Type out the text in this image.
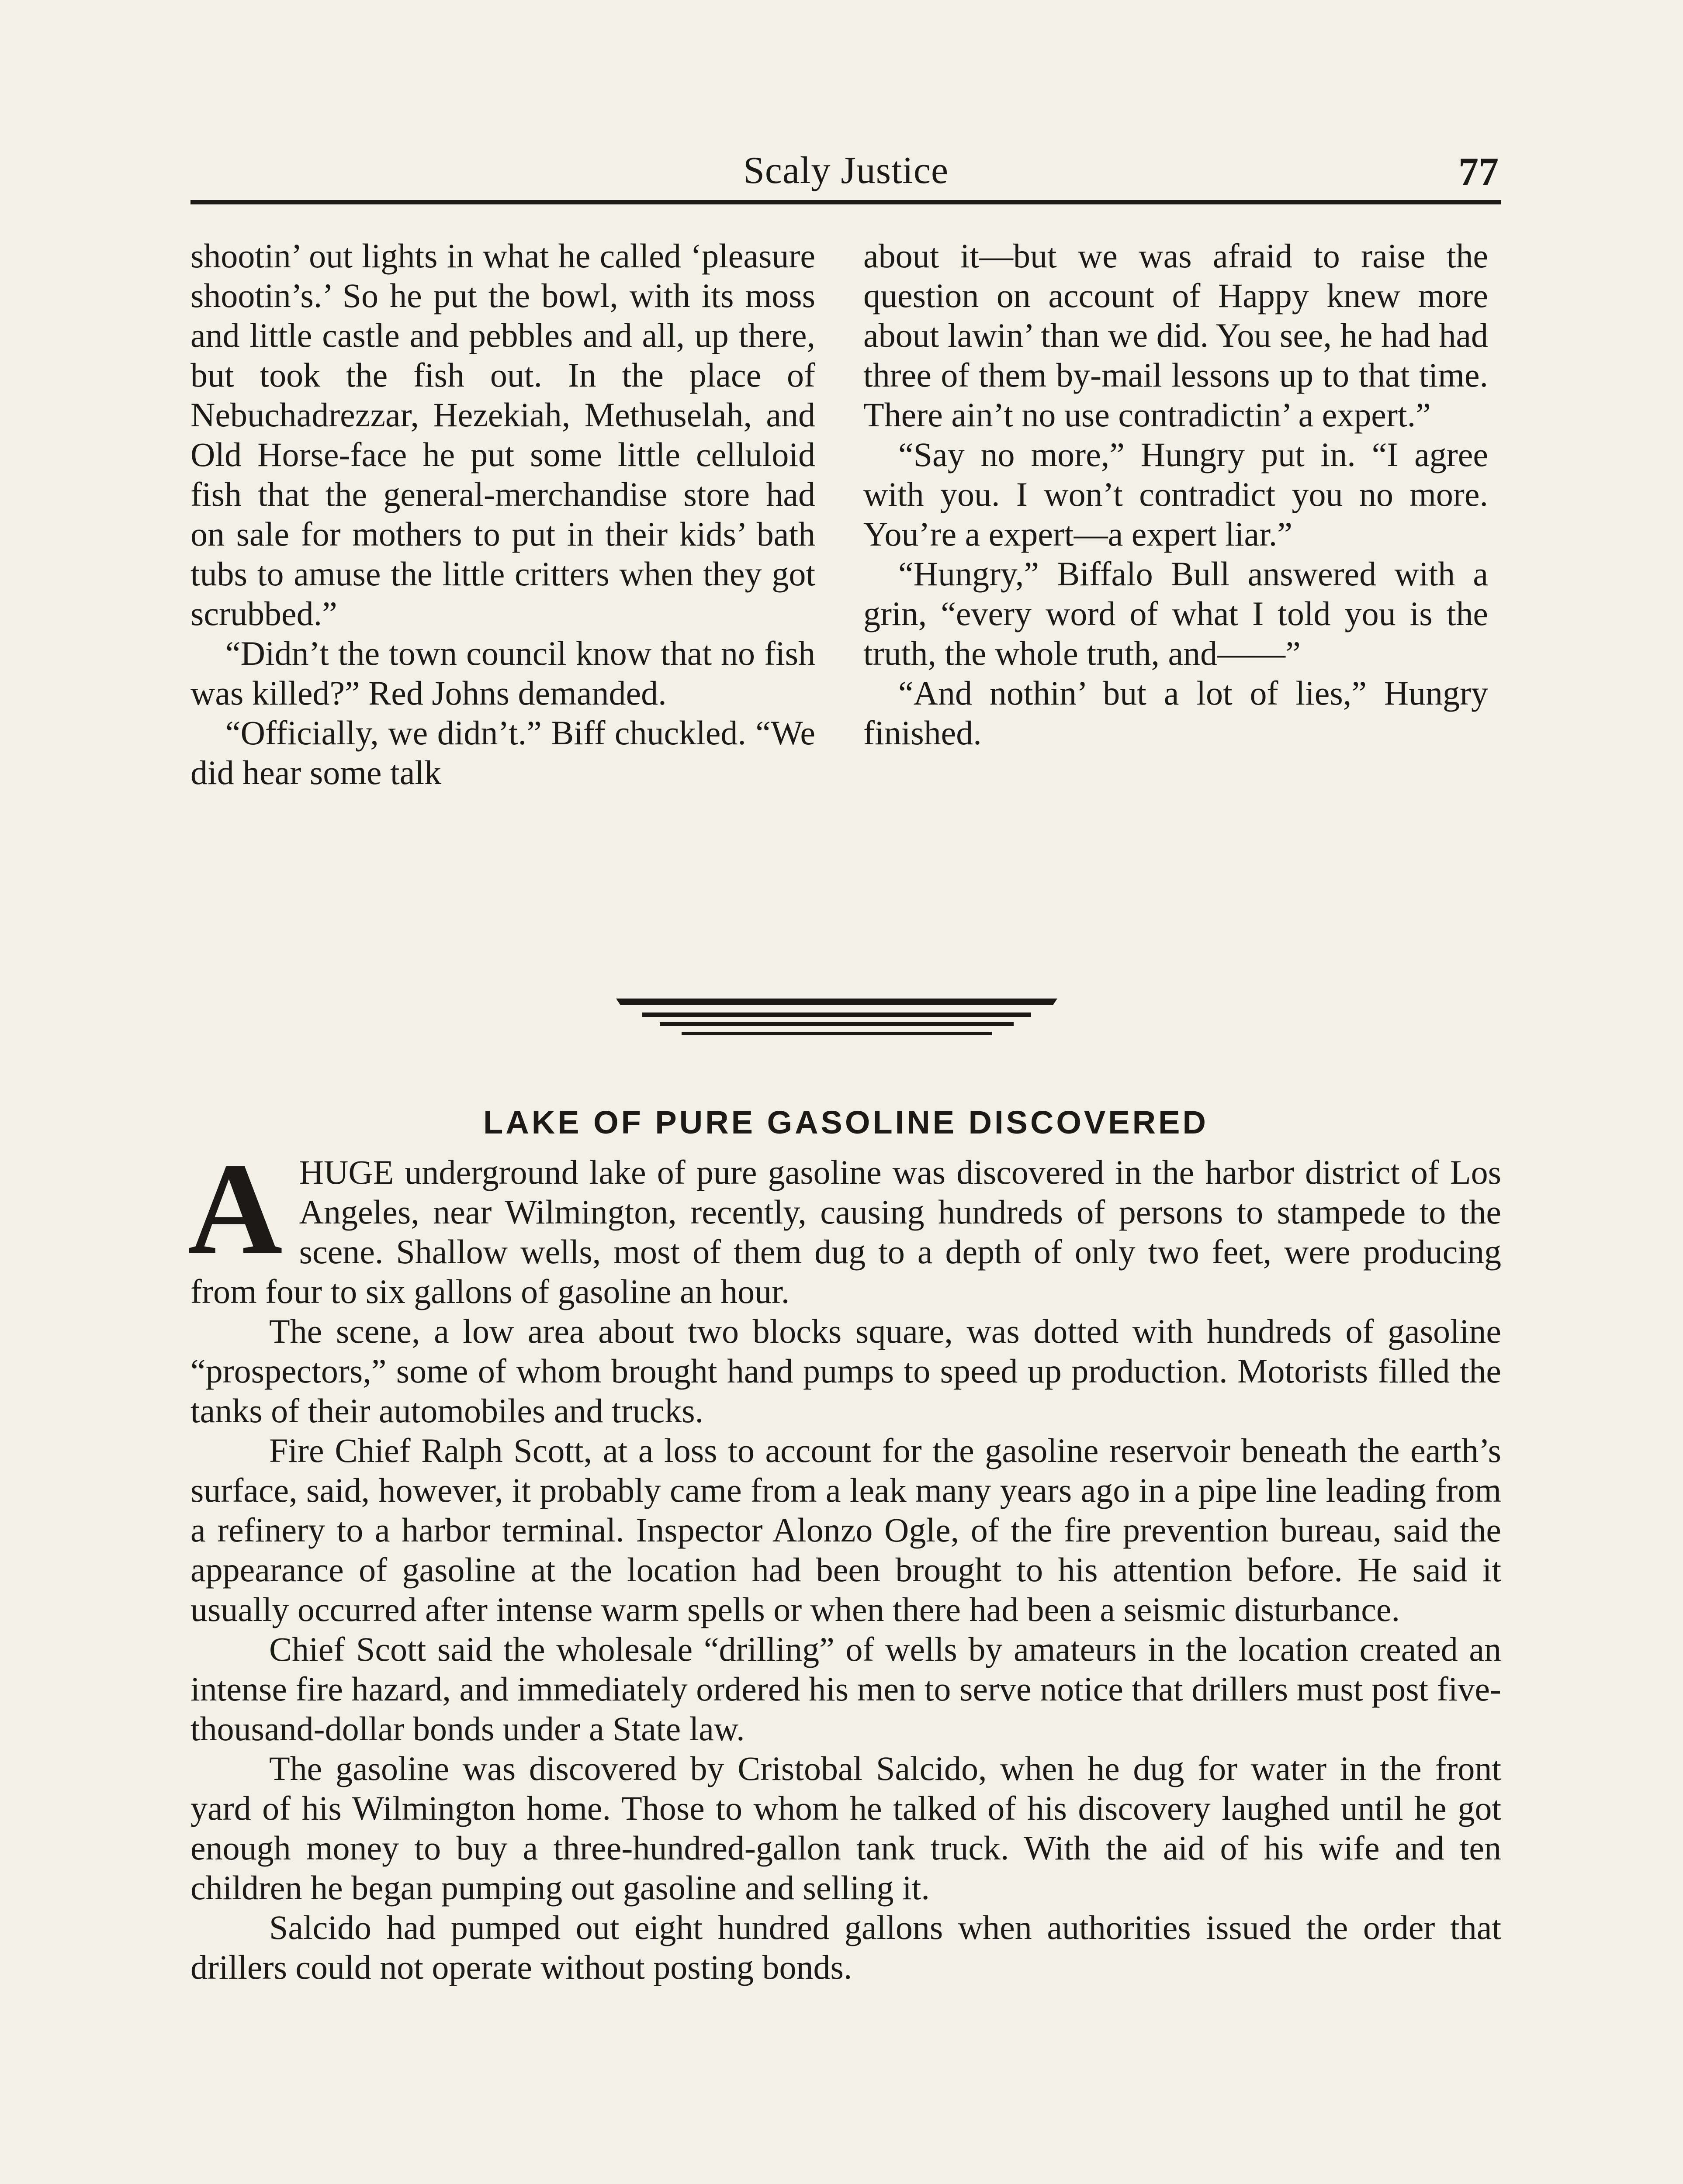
Scaly Justice	77

shootin’ out lights in what he called ‘pleasure shootin’s.’ So he put the bowl, with its moss and little castle and pebbles and all, up there, but took the fish out. In the place of Nebuchadrezzar, Hezekiah, Methuselah, and Old Horse-face he put some little celluloid fish that the general-merchandise store had on sale for mothers to put in their kids’ bath tubs to amuse the little critters when they got scrubbed.”

“Didn’t the town council know that no fish was killed?” Red Johns demanded.

“Officially, we didn’t.” Biff chuckled. “We did hear some talk

about it—but we was afraid to raise the question on account of Happy knew more about lawin’ than we did. You see, he had had three of them by-mail lessons up to that time. There ain’t no use contradictin’ a expert.”

“Say no more,” Hungry put in. “I agree with you. I won’t contradict you no more. You’re a expert—a expert liar.”

“Hungry,” Biffalo Bull answered with a grin, “every word of what I told you is the truth, the whole truth, and——”

“And nothin’ but a lot of lies,” Hungry finished.

LAKE OF PURE GASOLINE DISCOVERED

AHUGE underground lake of pure gasoline was discovered in the harbor district of Los Angeles, near Wilmington, recently, causing hundreds of persons to stampede to the scene. Shallow wells, most of them dug to a depth of only two feet, were producing from four to six gallons of gasoline an hour.

The scene, a low area about two blocks square, was dotted with hundreds of gasoline “prospectors,” some of whom brought hand pumps to speed up production. Motorists filled the tanks of their automobiles and trucks.

Fire Chief Ralph Scott, at a loss to account for the gasoline reservoir beneath the earth’s surface, said, however, it probably came from a leak many years ago in a pipe line leading from a refinery to a harbor terminal. Inspector Alonzo Ogle, of the fire prevention bureau, said the appearance of gasoline at the location had been brought to his attention before. He said it usually occurred after intense warm spells or when there had been a seismic disturbance.

Chief Scott said the wholesale “drilling” of wells by amateurs in the location created an intense fire hazard, and immediately ordered his men to serve notice that drillers must post five-thousand-dollar bonds under a State law.

The gasoline was discovered by Cristobal Salcido, when he dug for water in the front yard of his Wilmington home. Those to whom he talked of his discovery laughed until he got enough money to buy a three-hundred-gallon tank truck. With the aid of his wife and ten children he began pumping out gasoline and selling it.

Salcido had pumped out eight hundred gallons when authorities issued the order that drillers could not operate without posting bonds.
